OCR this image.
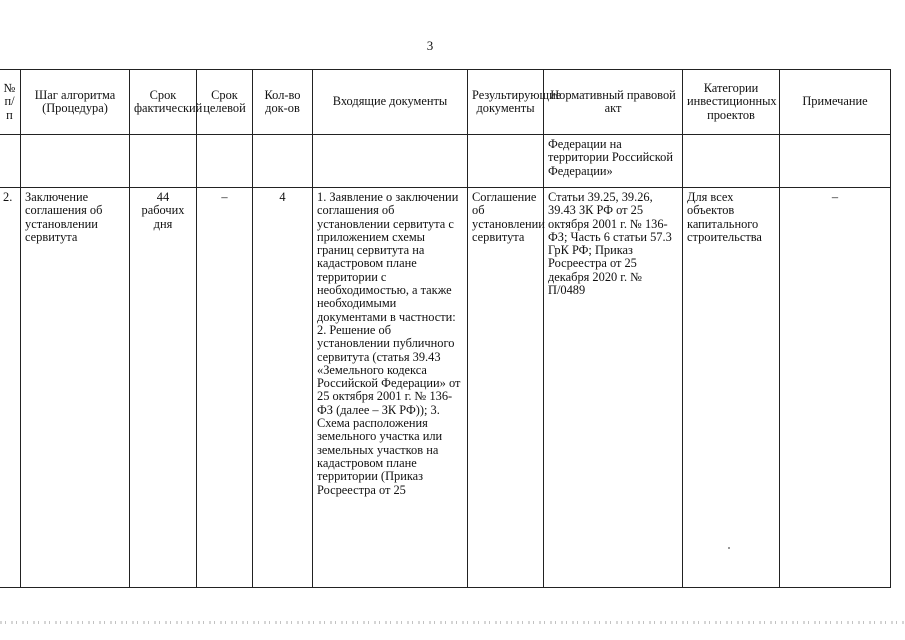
3
№ п/п	Шаг алгоритма (Процедура)	Срок фактический	Срок целевой	Кол-во док-ов	Входящие документы	Результирующие документы	Нормативный правовой акт	Категории инвестиционных проектов	Примечание
							Федерации на территории Российской Федерации»		
2.	Заключение соглашения об установлении сервитута	44 рабочих дня	–	4	1. Заявление о заключении соглашения об установлении сервитута с приложением схемы границ сервитута на кадастровом плане территории с необходимостью, а также необходимыми документами в частности: 2. Решение об установлении публичного сервитута (статья 39.43 «Земельного кодекса Российской Федерации» от 25 октября 2001 г. № 136-ФЗ (далее – ЗК РФ)); 3. Схема расположения земельного участка или земельных участков на кадастровом плане территории (Приказ Росреестра от 25	Соглашение об установлении сервитута	Статьи 39.25, 39.26, 39.43 ЗК РФ от 25 октября 2001 г. № 136-ФЗ; Часть 6 статьи 57.3 ГрК РФ; Приказ Росреестра от 25 декабря 2020 г. № П/0489	Для всех объектов капитального строительства	–
